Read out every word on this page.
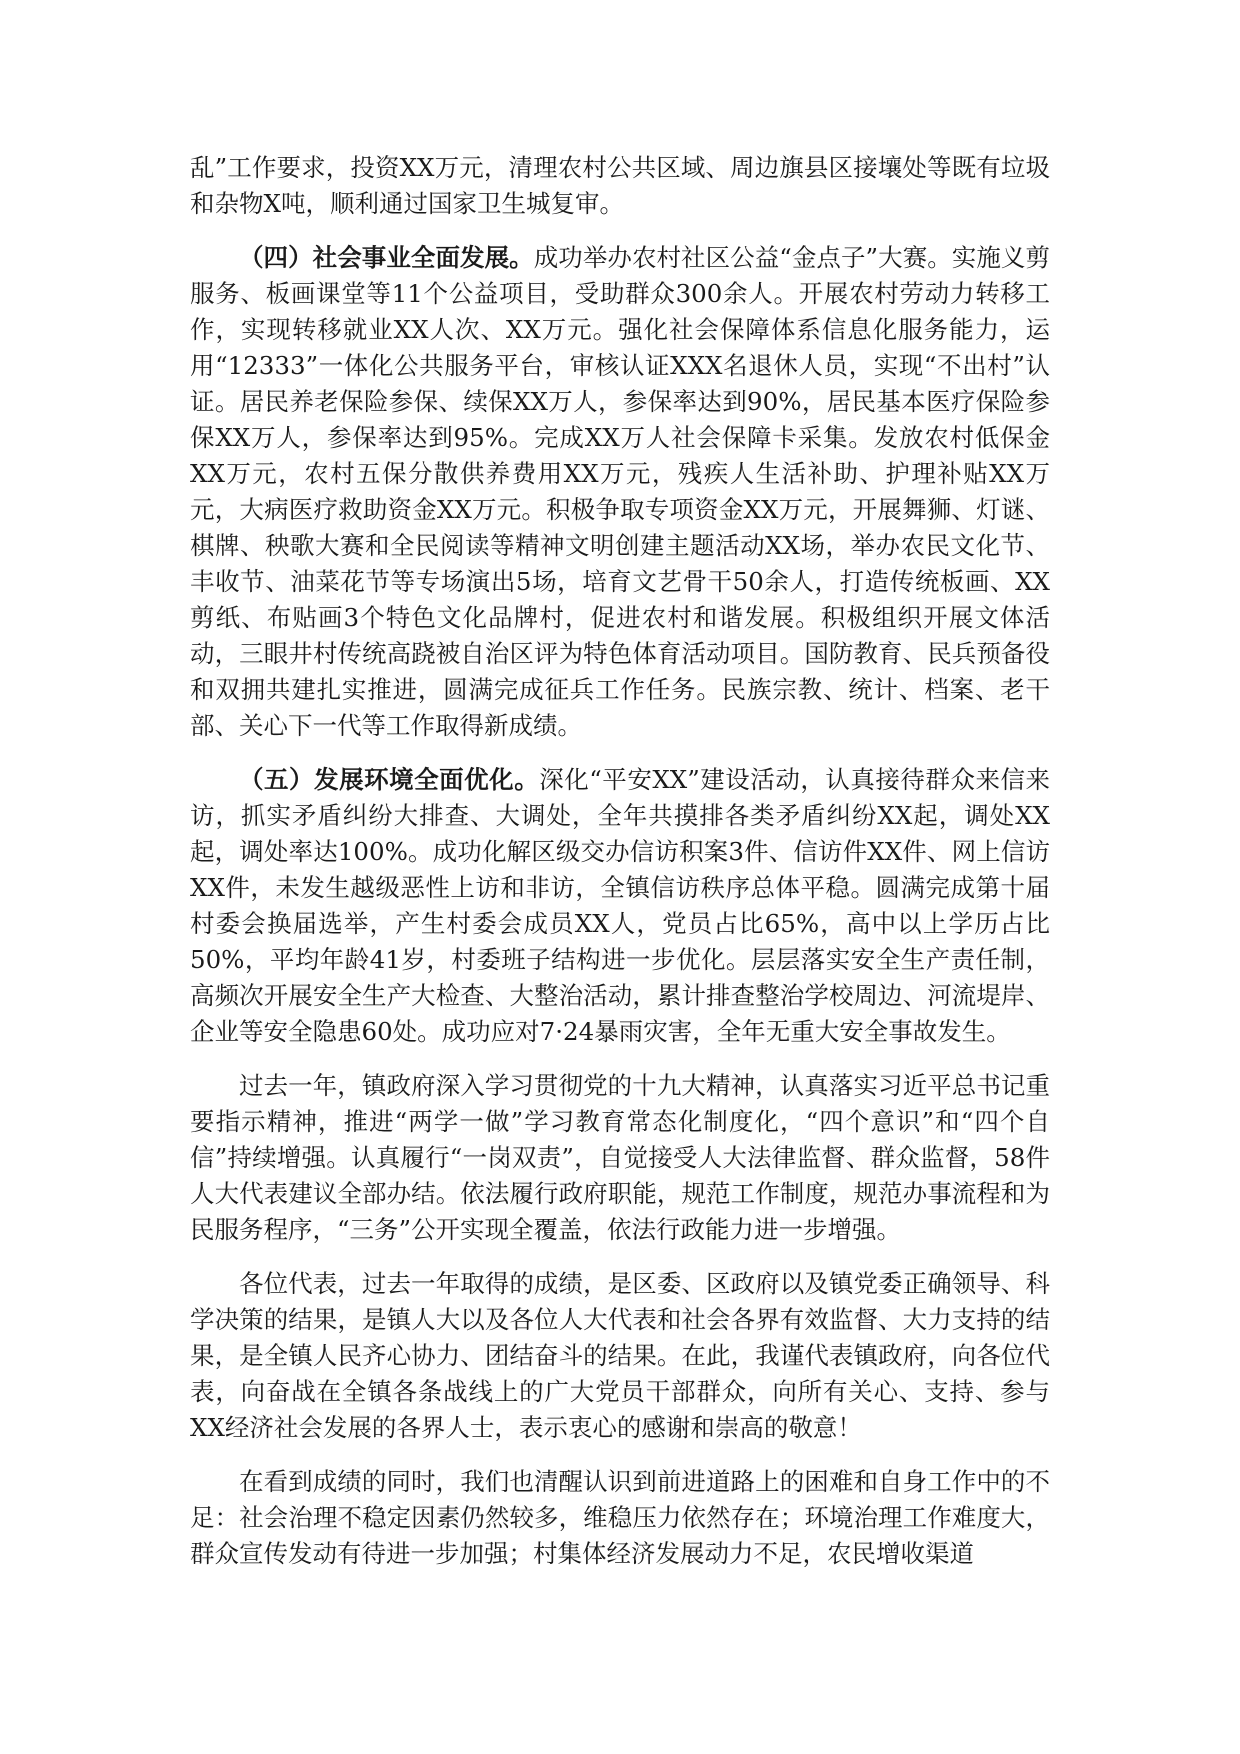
乱”工作要求，投资XX万元，清理农村公共区域、周边旗县区接壤处等既有垃圾和杂物X吨，顺利通过国家卫生城复审。

（四）社会事业全面发展。成功举办农村社区公益“金点子”大赛。实施义剪服务、板画课堂等11个公益项目，受助群众300余人。开展农村劳动力转移工作，实现转移就业XX人次、XX万元。强化社会保障体系信息化服务能力，运用“12333”一体化公共服务平台，审核认证XXX名退休人员，实现“不出村”认证。居民养老保险参保、续保XX万人，参保率达到90%，居民基本医疗保险参保XX万人，参保率达到95%。完成XX万人社会保障卡采集。发放农村低保金XX万元，农村五保分散供养费用XX万元，残疾人生活补助、护理补贴XX万元，大病医疗救助资金XX万元。积极争取专项资金XX万元，开展舞狮、灯谜、棋牌、秧歌大赛和全民阅读等精神文明创建主题活动XX场，举办农民文化节、丰收节、油菜花节等专场演出5场，培育文艺骨干50余人，打造传统板画、XX剪纸、布贴画3个特色文化品牌村，促进农村和谐发展。积极组织开展文体活动，三眼井村传统高跷被自治区评为特色体育活动项目。国防教育、民兵预备役和双拥共建扎实推进，圆满完成征兵工作任务。民族宗教、统计、档案、老干部、关心下一代等工作取得新成绩。

（五）发展环境全面优化。深化“平安XX”建设活动，认真接待群众来信来访，抓实矛盾纠纷大排查、大调处，全年共摸排各类矛盾纠纷XX起，调处XX起，调处率达100%。成功化解区级交办信访积案3件、信访件XX件、网上信访XX件，未发生越级恶性上访和非访，全镇信访秩序总体平稳。圆满完成第十届村委会换届选举，产生村委会成员XX人，党员占比65%，高中以上学历占比50%，平均年龄41岁，村委班子结构进一步优化。层层落实安全生产责任制，高频次开展安全生产大检查、大整治活动，累计排查整治学校周边、河流堤岸、企业等安全隐患60处。成功应对7·24暴雨灾害，全年无重大安全事故发生。

过去一年，镇政府深入学习贯彻党的十九大精神，认真落实习近平总书记重要指示精神，推进“两学一做”学习教育常态化制度化，“四个意识”和“四个自信”持续增强。认真履行“一岗双责”，自觉接受人大法律监督、群众监督，58件人大代表建议全部办结。依法履行政府职能，规范工作制度，规范办事流程和为民服务程序，“三务”公开实现全覆盖，依法行政能力进一步增强。

各位代表，过去一年取得的成绩，是区委、区政府以及镇党委正确领导、科学决策的结果，是镇人大以及各位人大代表和社会各界有效监督、大力支持的结果，是全镇人民齐心协力、团结奋斗的结果。在此，我谨代表镇政府，向各位代表，向奋战在全镇各条战线上的广大党员干部群众，向所有关心、支持、参与XX经济社会发展的各界人士，表示衷心的感谢和崇高的敬意！

在看到成绩的同时，我们也清醒认识到前进道路上的困难和自身工作中的不足：社会治理不稳定因素仍然较多，维稳压力依然存在；环境治理工作难度大，群众宣传发动有待进一步加强；村集体经济发展动力不足，农民增收渠道
